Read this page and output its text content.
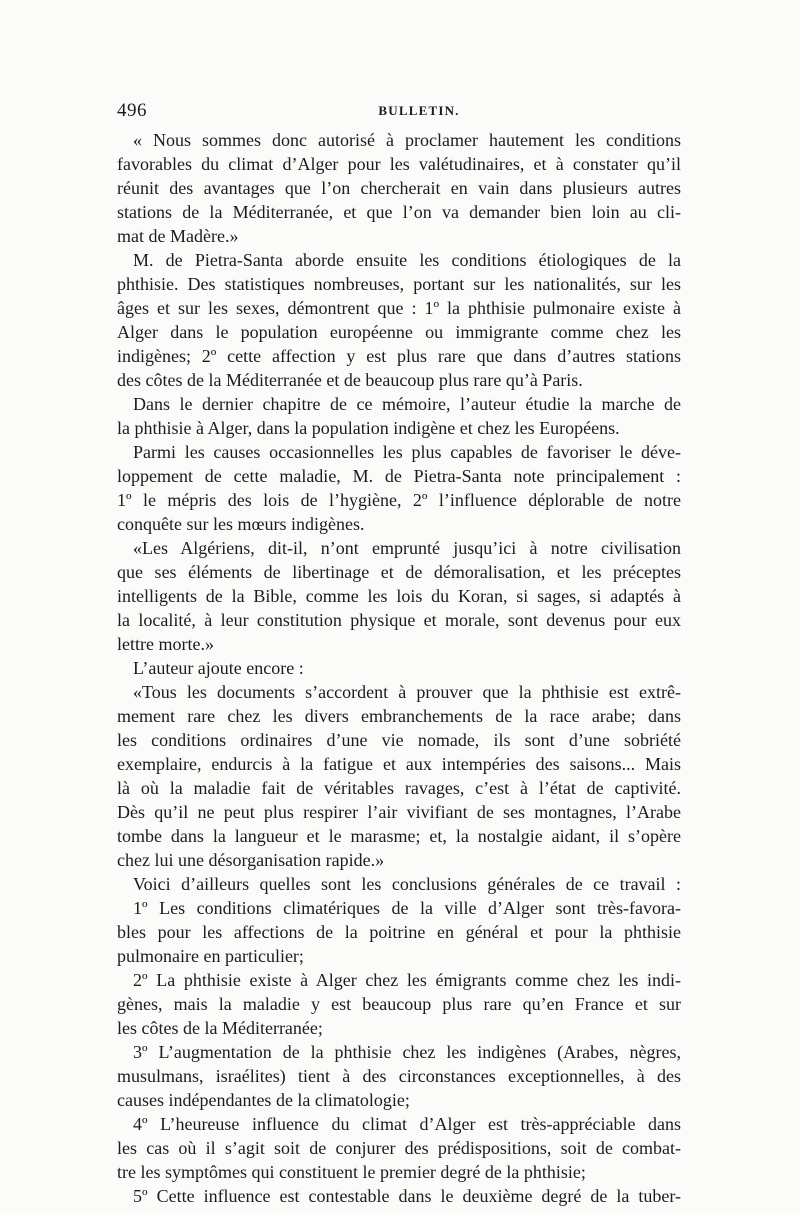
496	BULLETIN.
« Nous sommes donc autorisé à proclamer hautement les conditions
favorables du climat d’Alger pour les valétudinaires, et à constater qu’il
réunit des avantages que l’on chercherait en vain dans plusieurs autres
stations de la Méditerranée, et que l’on va demander bien loin au cli-
mat de Madère.»
M. de Pietra-Santa aborde ensuite les conditions étiologiques de la
phthisie. Des statistiques nombreuses, portant sur les nationalités, sur les
âges et sur les sexes, démontrent que : 1º la phthisie pulmonaire existe à
Alger dans le population européenne ou immigrante comme chez les
indigènes; 2º cette affection y est plus rare que dans d’autres stations
des côtes de la Méditerranée et de beaucoup plus rare qu’à Paris.
Dans le dernier chapitre de ce mémoire, l’auteur étudie la marche de
la phthisie à Alger, dans la population indigène et chez les Européens.
Parmi les causes occasionnelles les plus capables de favoriser le déve-
loppement de cette maladie, M. de Pietra-Santa note principalement :
1º le mépris des lois de l’hygiène, 2º l’influence déplorable de notre
conquête sur les mœurs indigènes.
«Les Algériens, dit-il, n’ont emprunté jusqu’ici à notre civilisation
que ses éléments de libertinage et de démoralisation, et les préceptes
intelligents de la Bible, comme les lois du Koran, si sages, si adaptés à
la localité, à leur constitution physique et morale, sont devenus pour eux
lettre morte.»
L’auteur ajoute encore :
«Tous les documents s’accordent à prouver que la phthisie est extrê-
mement rare chez les divers embranchements de la race arabe; dans
les conditions ordinaires d’une vie nomade, ils sont d’une sobriété
exemplaire, endurcis à la fatigue et aux intempéries des saisons... Mais
là où la maladie fait de véritables ravages, c’est à l’état de captivité.
Dès qu’il ne peut plus respirer l’air vivifiant de ses montagnes, l’Arabe
tombe dans la langueur et le marasme; et, la nostalgie aidant, il s’opère
chez lui une désorganisation rapide.»
Voici d’ailleurs quelles sont les conclusions générales de ce travail :
1º Les conditions climatériques de la ville d’Alger sont très-favora-
bles pour les affections de la poitrine en général et pour la phthisie
pulmonaire en particulier;
2º La phthisie existe à Alger chez les émigrants comme chez les indi-
gènes, mais la maladie y est beaucoup plus rare qu’en France et sur
les côtes de la Méditerranée;
3º L’augmentation de la phthisie chez les indigènes (Arabes, nègres,
musulmans, israélites) tient à des circonstances exceptionnelles, à des
causes indépendantes de la climatologie;
4º L’heureuse influence du climat d’Alger est très-appréciable dans
les cas où il s’agit soit de conjurer des prédispositions, soit de combat-
tre les symptômes qui constituent le premier degré de la phthisie;
5º Cette influence est contestable dans le deuxième degré de la tuber-
